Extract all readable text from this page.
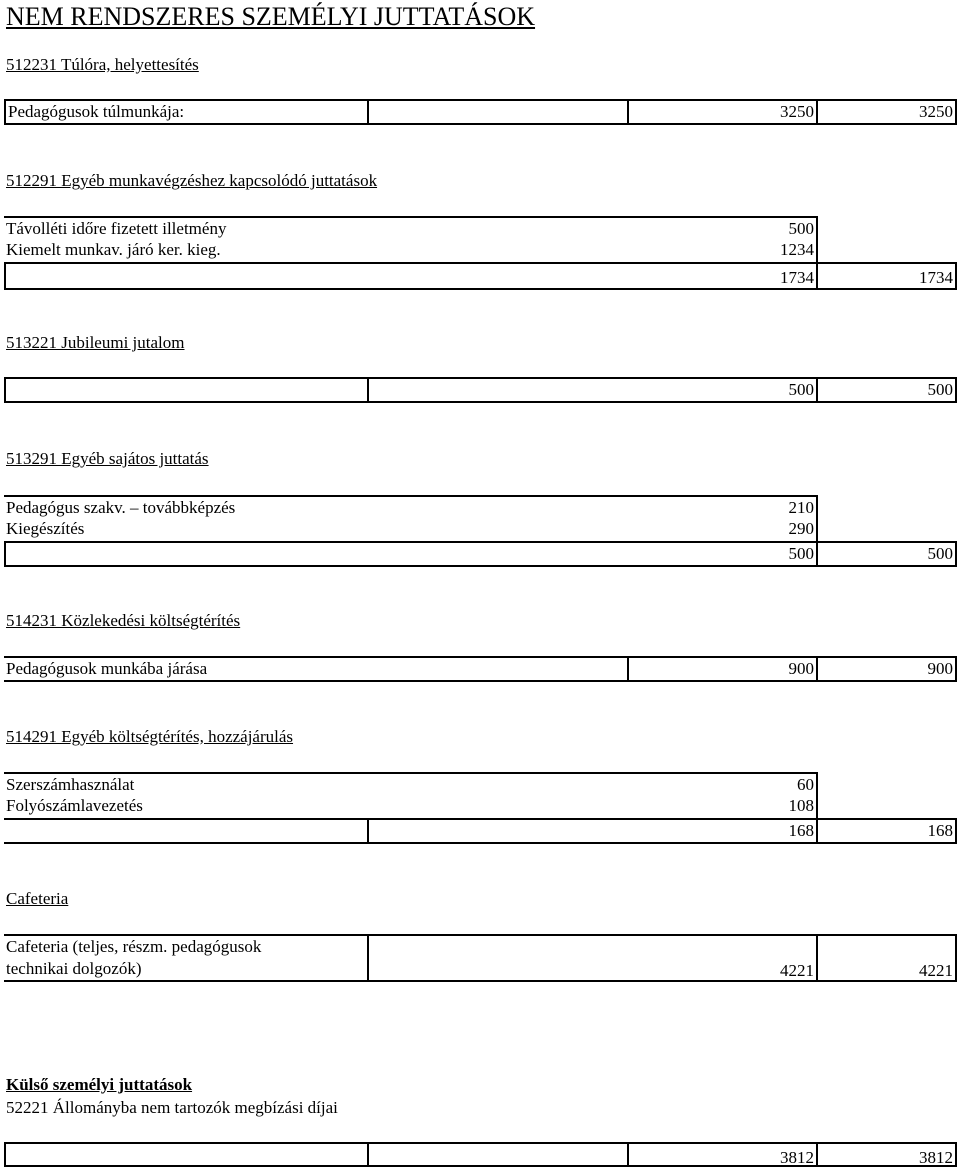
NEM RENDSZERES SZEMÉLYI JUTTATÁSOK
512231 Túlóra, helyettesítés
Pedagógusok túlmunkája:	3250	3250
512291 Egyéb munkavégzéshez kapcsolódó juttatások
Távolléti időre fizetett illetmény	500
Kiemelt munkav. járó ker. kieg.	1234
1734	1734
513221 Jubileumi jutalom
500	500
513291 Egyéb sajátos juttatás
Pedagógus szakv. – továbbképzés	210
Kiegészítés	290
500	500
514231 Közlekedési költségtérítés
Pedagógusok munkába járása	900	900
514291 Egyéb költségtérítés, hozzájárulás
Szerszámhasználat	60
Folyószámlavezetés	108
168	168
Cafeteria
Cafeteria (teljes, részm. pedagógusok
technikai dolgozók)	4221	4221
Külső személyi juttatások
52221 Állományba nem tartozók megbízási díjai
3812	3812
